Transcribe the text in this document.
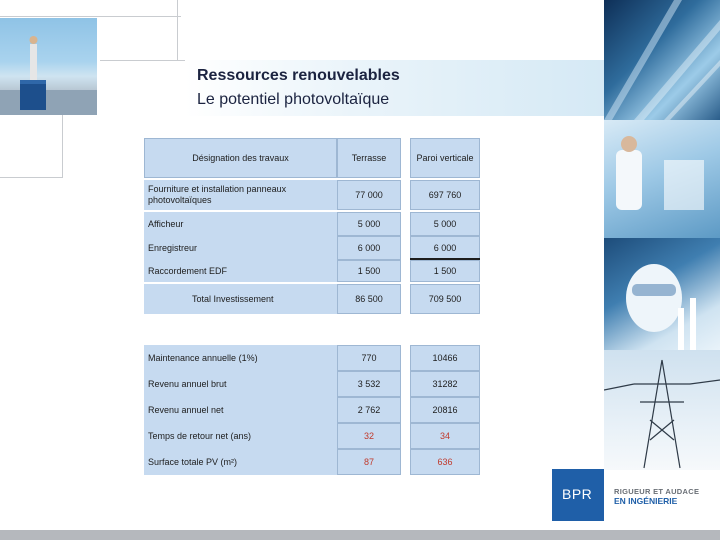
Ressources renouvelables
Le potentiel photovoltaïque
BPR	RIGUEUR ET AUDACE
EN INGÉNIERIE
Désignation des travaux	Terrasse	Paroi verticale
Fourniture et installation panneaux photovoltaïques	77 000	697 760
Afficheur	5 000	5 000
Enregistreur	6 000	6 000
Raccordement EDF	1 500	1 500
Total Investissement	86 500	709 500
Maintenance annuelle (1%)	770	10466
Revenu annuel brut	3 532	31282
Revenu annuel net	2 762	20816
Temps de retour net (ans)	32	34
Surface totale PV (m²)	87	636
